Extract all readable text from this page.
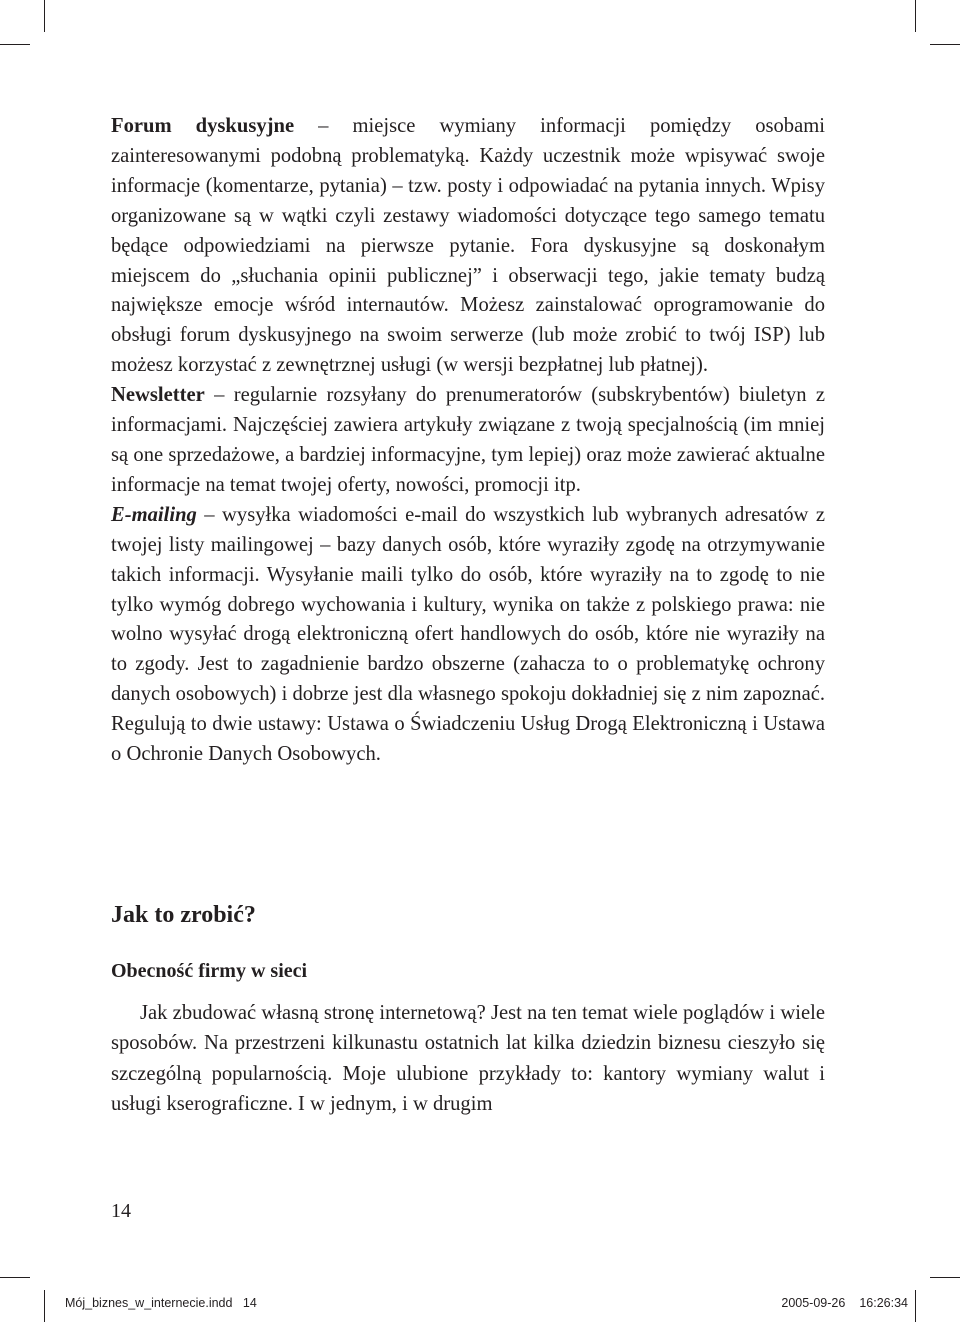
Forum dyskusyjne – miejsce wymiany informacji pomiędzy osobami zainteresowanymi podobną problematyką. Każdy uczestnik może wpisywać swoje informacje (komentarze, pytania) – tzw. posty i odpowiadać na pytania innych. Wpisy organizowane są w wątki czyli zestawy wiadomości dotyczące tego samego tematu będące odpowiedziami na pierwsze pytanie. Fora dyskusyjne są doskonałym miejscem do „słuchania opinii publicznej” i obserwacji tego, jakie tematy budzą największe emocje wśród internautów. Możesz zainstalować oprogramowanie do obsługi forum dyskusyjnego na swoim serwerze (lub może zrobić to twój ISP) lub możesz korzystać z zewnętrznej usługi (w wersji bezpłatnej lub płatnej).

Newsletter – regularnie rozsyłany do prenumeratorów (subskrybentów) biuletyn z informacjami. Najczęściej zawiera artykuły związane z twoją specjalnością (im mniej są one sprzedażowe, a bardziej informacyjne, tym lepiej) oraz może zawierać aktualne informacje na temat twojej oferty, nowości, promocji itp.

E-mailing – wysyłka wiadomości e-mail do wszystkich lub wybranych adresatów z twojej listy mailingowej – bazy danych osób, które wyraziły zgodę na otrzymywanie takich informacji. Wysyłanie maili tylko do osób, które wyraziły na to zgodę to nie tylko wymóg dobrego wychowania i kultury, wynika on także z polskiego prawa: nie wolno wysyłać drogą elektroniczną ofert handlowych do osób, które nie wyraziły na to zgody. Jest to zagadnienie bardzo obszerne (zahacza to o problematykę ochrony danych osobowych) i dobrze jest dla własnego spokoju dokładniej się z nim zapoznać. Regulują to dwie ustawy: Ustawa o Świadczeniu Usług Drogą Elektroniczną i Ustawa o Ochronie Danych Osobowych.

Jak to zrobić?
Obecność firmy w sieci

Jak zbudować własną stronę internetową? Jest na ten temat wiele poglądów i wiele sposobów. Na przestrzeni kilkunastu ostatnich lat kilka dziedzin biznesu cieszyło się szczególną popularnością. Moje ulubione przykłady to: kantory wymiany walut i usługi kserograficzne. I w jednym, i w drugim

14
Mój_biznes_w_internecie.indd   14	2005-09-26 16:26:34
